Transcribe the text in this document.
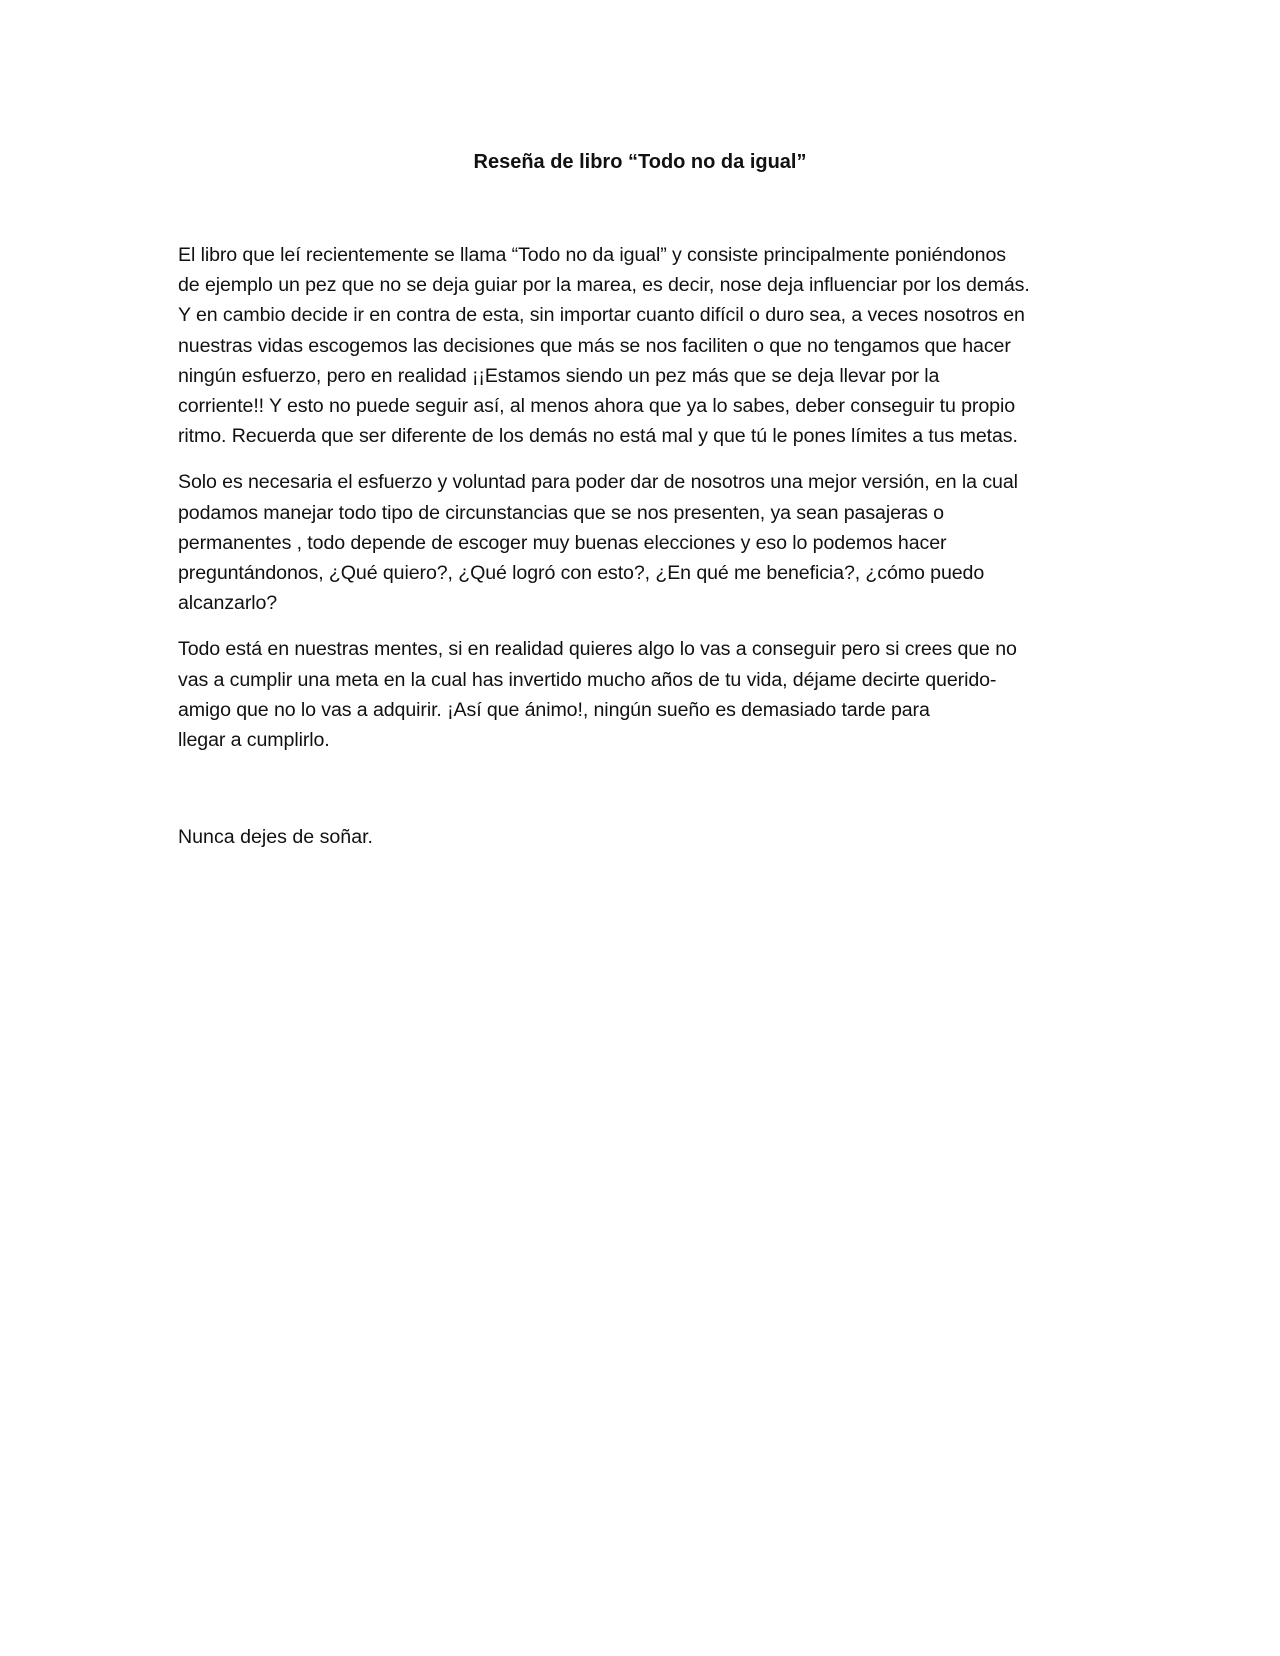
Reseña de libro “Todo no da igual”

El libro que leí recientemente se llama “Todo no da igual” y consiste principalmente poniéndonos
de ejemplo un pez que no se deja guiar por la marea, es decir, nose deja influenciar por los demás.
Y en cambio decide ir en contra de esta, sin importar cuanto difícil o duro sea, a veces nosotros en
nuestras vidas escogemos las decisiones que más se nos faciliten o que no tengamos que hacer
ningún esfuerzo, pero en realidad ¡¡Estamos siendo un pez más que se deja llevar por la
corriente!! Y esto no puede seguir así, al menos ahora que ya lo sabes, deber conseguir tu propio
ritmo. Recuerda que ser diferente de los demás no está mal y que tú le pones límites a tus metas.

Solo es necesaria el esfuerzo y voluntad para poder dar de nosotros una mejor versión, en la cual
podamos manejar todo tipo de circunstancias que se nos presenten, ya sean pasajeras o
permanentes , todo depende de escoger muy buenas elecciones y eso lo podemos hacer
preguntándonos, ¿Qué quiero?, ¿Qué logró con esto?, ¿En qué me beneficia?, ¿cómo puedo
alcanzarlo?

Todo está en nuestras mentes, si en realidad quieres algo lo vas a conseguir pero si crees que no
vas a cumplir una meta en la cual has invertido mucho años de tu vida, déjame decirte querido-
amigo que no lo vas a adquirir. ¡Así que ánimo!, ningún sueño es demasiado tarde para
llegar a cumplirlo.

Nunca dejes de soñar.
